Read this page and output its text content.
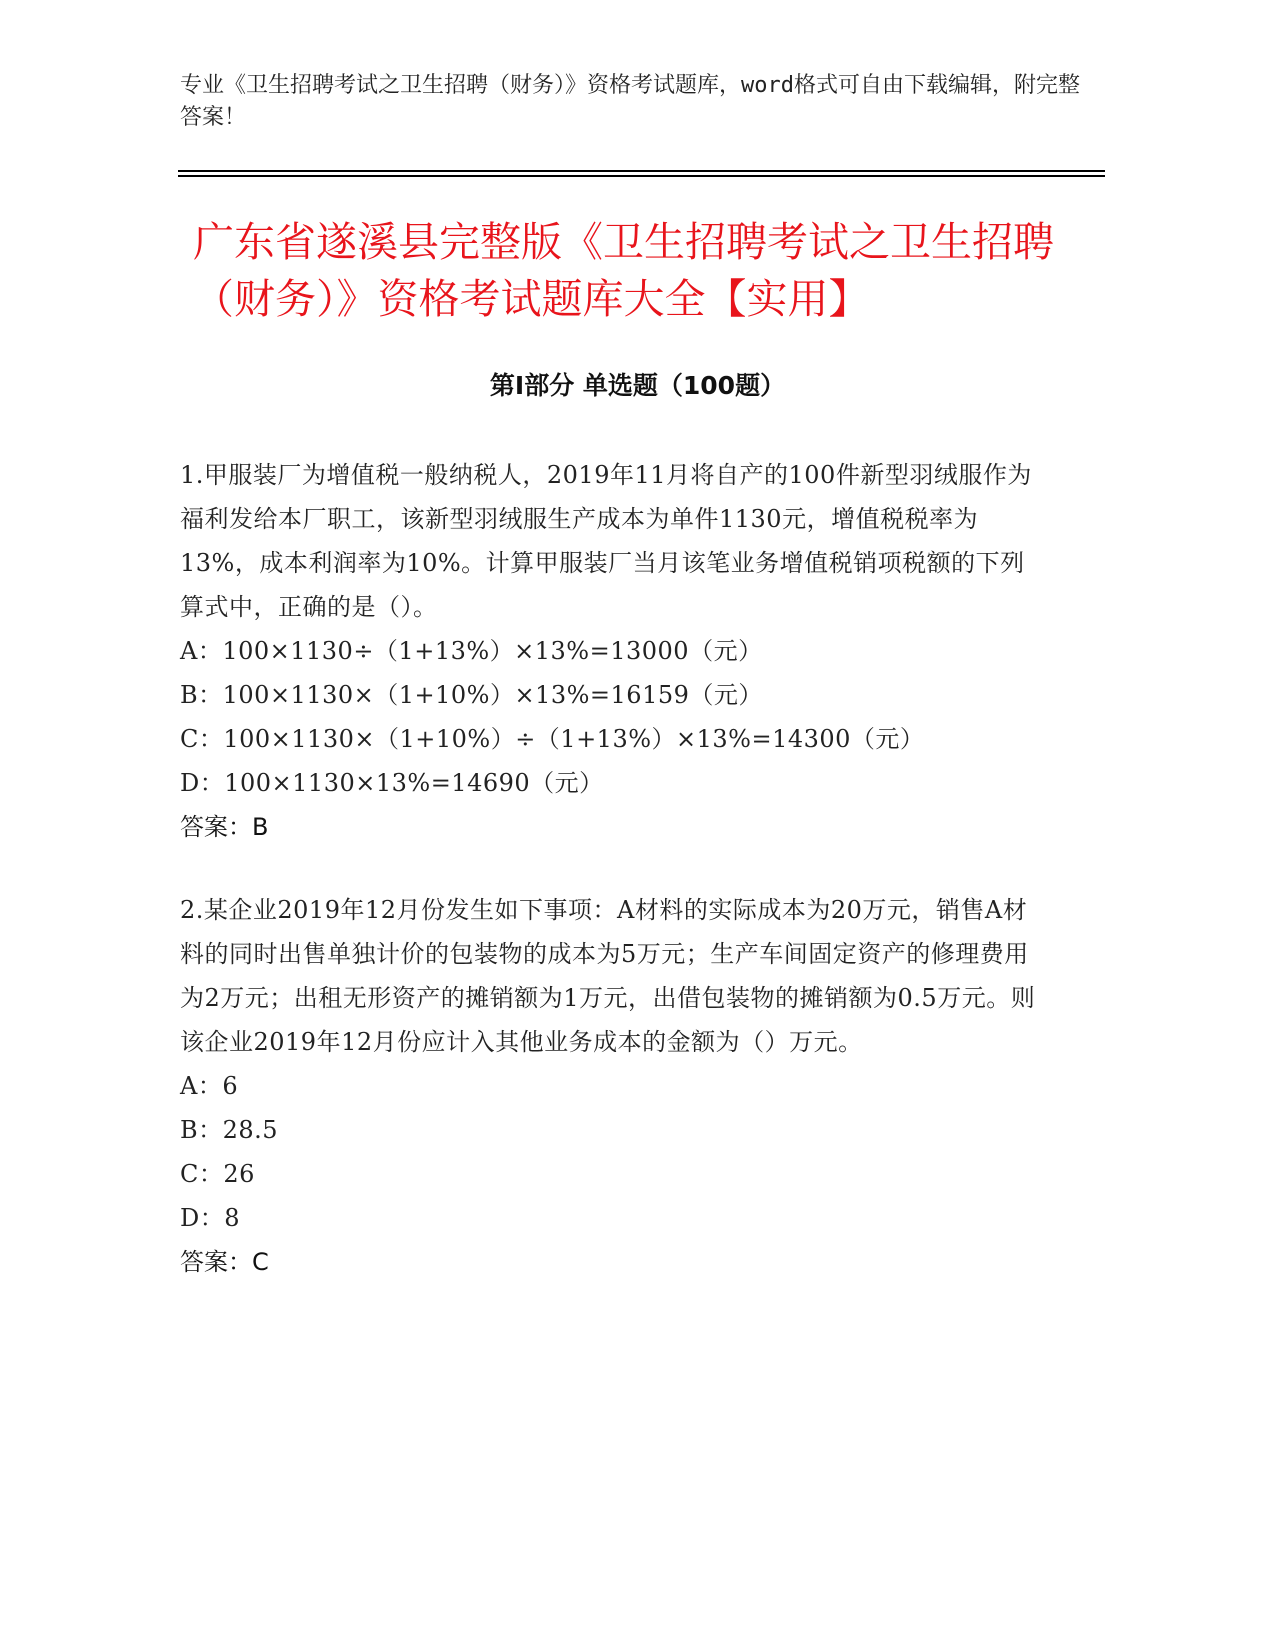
专业《卫生招聘考试之卫生招聘（财务）》资格考试题库，word格式可自由下载编辑，附完整答案！
广东省遂溪县完整版《卫生招聘考试之卫生招聘（财务）》资格考试题库大全【实用】
第I部分 单选题（100题）

1.甲服装厂为增值税一般纳税人，2019年11月将自产的100件新型羽绒服作为福利发给本厂职工，该新型羽绒服生产成本为单件1130元，增值税税率为13%，成本利润率为10%。计算甲服装厂当月该笔业务增值税销项税额的下列算式中，正确的是（）。

A：100×1130÷（1+13%）×13%=13000（元）

B：100×1130×（1+10%）×13%=16159（元）

C：100×1130×（1+10%）÷（1+13%）×13%=14300（元）

D：100×1130×13%=14690（元）

答案：B

2.某企业2019年12月份发生如下事项：A材料的实际成本为20万元，销售A材料的同时出售单独计价的包装物的成本为5万元；生产车间固定资产的修理费用为2万元；出租无形资产的摊销额为1万元，出借包装物的摊销额为0.5万元。则该企业2019年12月份应计入其他业务成本的金额为（）万元。

A：6

B：28.5

C：26

D：8

答案：C
